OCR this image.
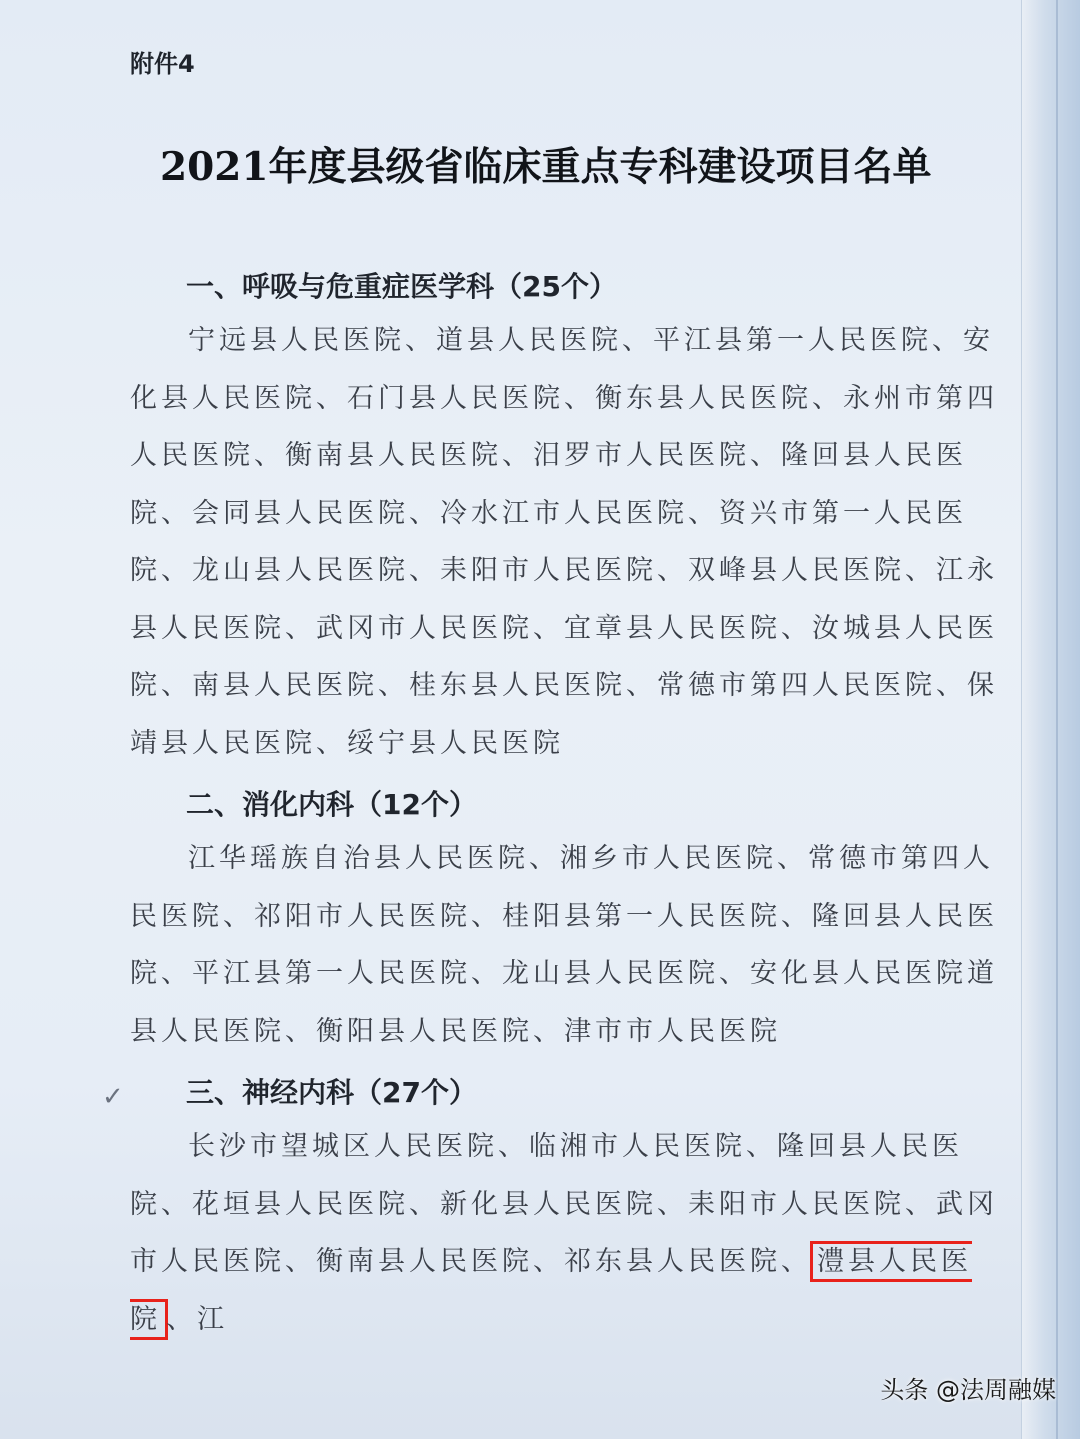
附件4
2021年度县级省临床重点专科建设项目名单
一、呼吸与危重症医学科（25个）

宁远县人民医院、道县人民医院、平江县第一人民医院、安化县人民医院、石门县人民医院、衡东县人民医院、永州市第四人民医院、衡南县人民医院、汨罗市人民医院、隆回县人民医院、会同县人民医院、冷水江市人民医院、资兴市第一人民医院、龙山县人民医院、耒阳市人民医院、双峰县人民医院、江永县人民医院、武冈市人民医院、宜章县人民医院、汝城县人民医院、南县人民医院、桂东县人民医院、常德市第四人民医院、保靖县人民医院、绥宁县人民医院

二、消化内科（12个）

江华瑶族自治县人民医院、湘乡市人民医院、常德市第四人民医院、祁阳市人民医院、桂阳县第一人民医院、隆回县人民医院、平江县第一人民医院、龙山县人民医院、安化县人民医院道县人民医院、衡阳县人民医院、津市市人民医院

✓ 三、神经内科（27个）

长沙市望城区人民医院、临湘市人民医院、隆回县人民医院、花垣县人民医院、新化县人民医院、耒阳市人民医院、武冈市人民医院、衡南县人民医院、祁东县人民医院、 澧县人民医院 、江

头条 @法周融媒
